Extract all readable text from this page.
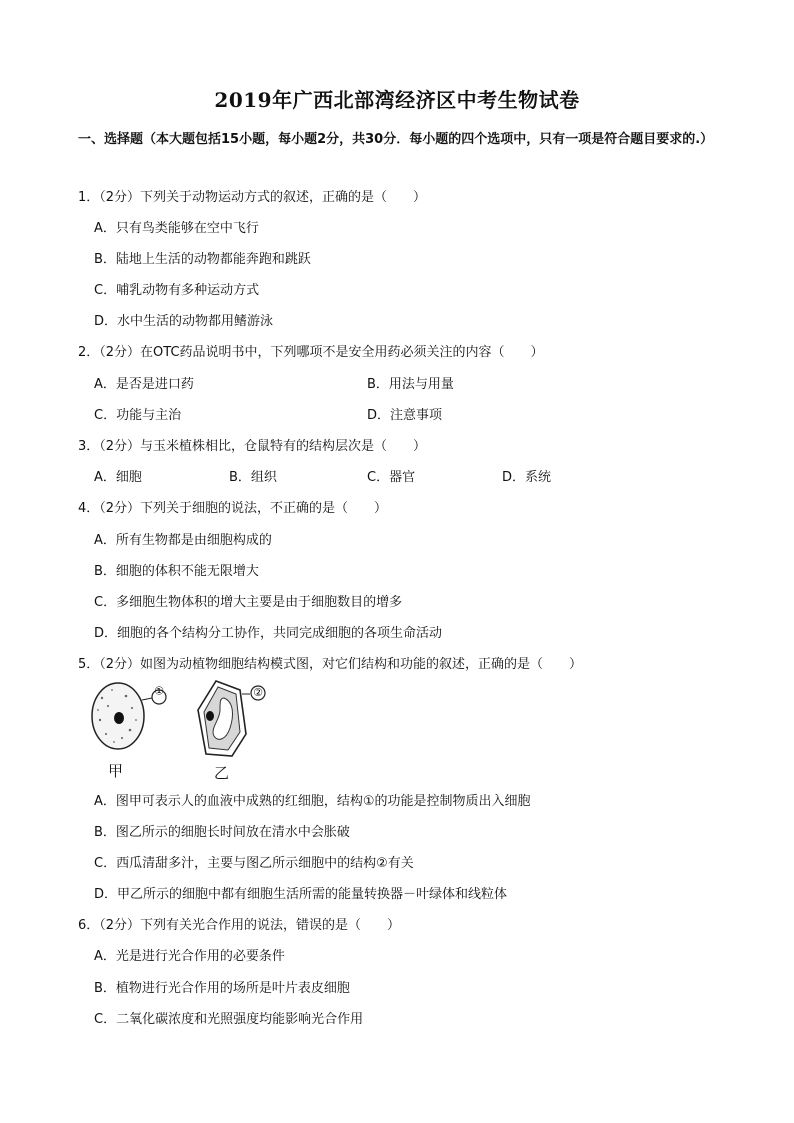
2019年广西北部湾经济区中考生物试卷
一、选择题（本大题包括15小题，每小题2分，共30分．每小题的四个选项中，只有一项是符合题目要求的.）
1．（2分）下列关于动物运动方式的叙述，正确的是（　　）
A．只有鸟类能够在空中飞行
B．陆地上生活的动物都能奔跑和跳跃
C．哺乳动物有多种运动方式
D．水中生活的动物都用鳍游泳
2．（2分）在OTC药品说明书中，下列哪项不是安全用药必须关注的内容（　　）
A．是否是进口药	B．用法与用量
C．功能与主治	D．注意事项
3．（2分）与玉米植株相比，仓鼠特有的结构层次是（　　）
A．细胞	B．组织	C．器官	D．系统
4．（2分）下列关于细胞的说法，不正确的是（　　）
A．所有生物都是由细胞构成的
B．细胞的体积不能无限增大
C．多细胞生物体积的增大主要是由于细胞数目的增多
D．细胞的各个结构分工协作，共同完成细胞的各项生命活动
5．（2分）如图为动植物细胞结构模式图，对它们结构和功能的叙述，正确的是（　　）
①	②
甲	乙
A．图甲可表示人的血液中成熟的红细胞，结构①的功能是控制物质出入细胞
B．图乙所示的细胞长时间放在清水中会胀破
C．西瓜清甜多汁，主要与图乙所示细胞中的结构②有关
D．甲乙所示的细胞中都有细胞生活所需的能量转换器－叶绿体和线粒体
6．（2分）下列有关光合作用的说法，错误的是（　　）
A．光是进行光合作用的必要条件
B．植物进行光合作用的场所是叶片表皮细胞
C．二氧化碳浓度和光照强度均能影响光合作用
